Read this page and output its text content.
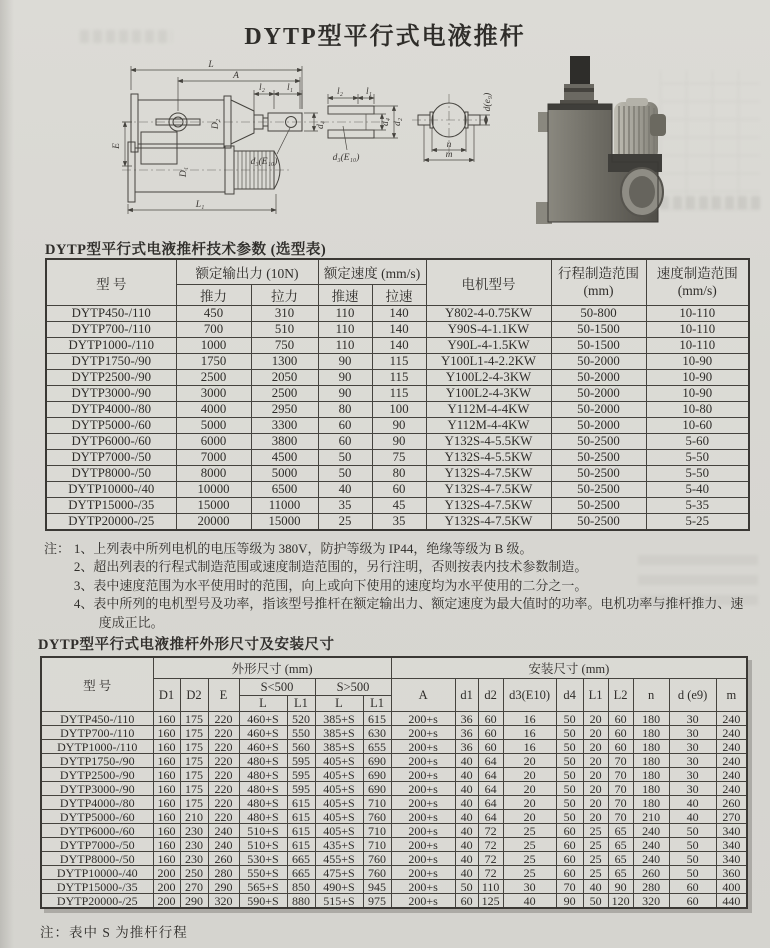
DYTP型平行式电液推杆
L
A
l₂ l₁
d₄
d₃(E₁₀)
D₂
E
D₁
L₁
l₂ l₁
d₄ d₂
d₃(E₁₀)
d(e₉)
n
m
DYTP型平行式电液推杆技术参数 (选型表)
型 号	额定输出力 (10N)	额定速度 (mm/s)	电机型号	
行程制造范围
(mm)

速度制造范围
(mm/s)

	推力	拉力	推速	拉速			
DYTP450-/110	450	310	110	140	Y802-4-0.75KW	50-800	10-110
DYTP700-/110	700	510	110	140	Y90S-4-1.1KW	50-1500	10-110
DYTP1000-/110	1000	750	110	140	Y90L-4-1.5KW	50-1500	10-110
DYTP1750-/90	1750	1300	90	115	Y100L1-4-2.2KW	50-2000	10-90
DYTP2500-/90	2500	2050	90	115	Y100L2-4-3KW	50-2000	10-90
DYTP3000-/90	3000	2500	90	115	Y100L2-4-3KW	50-2000	10-90
DYTP4000-/80	4000	2950	80	100	Y112M-4-4KW	50-2000	10-80
DYTP5000-/60	5000	3300	60	90	Y112M-4-4KW	50-2000	10-60
DYTP6000-/60	6000	3800	60	90	Y132S-4-5.5KW	50-2500	5-60
DYTP7000-/50	7000	4500	50	75	Y132S-4-5.5KW	50-2500	5-50
DYTP8000-/50	8000	5000	50	80	Y132S-4-7.5KW	50-2500	5-50
DYTP10000-/40	10000	6500	40	60	Y132S-4-7.5KW	50-2500	5-40
DYTP15000-/35	15000	11000	35	45	Y132S-4-7.5KW	50-2500	5-35
DYTP20000-/25	20000	15000	25	35	Y132S-4-7.5KW	50-2500	5-25
注： 1、上列表中所列电机的电压等级为 380V，防护等级为 IP44，绝缘等级为 B 级。
2、超出列表的行程式制造范围或速度制造范围的，另行注明，否则按表内技术参数制造。
3、表中速度范围为水平使用时的范围，向上或向下使用的速度均为水平使用的二分之一。
4、表中所列的电机型号及功率，指该型号推杆在额定输出力、额定速度为最大值时的功率。电机功率与推杆推力、速度成正比。
DYTP型平行式电液推杆外形尺寸及安装尺寸
型 号	外形尺寸 (mm)							安装尺寸 (mm)									
	D1	D2	E	S<500		S>500		A	d1	d2	d3(E10)	d4	L1	L2	n	d (e9)	m
				L	L1	L	L1										
DYTP450-/110	160	175	220	460+S	520	385+S	615	200+s	36	60	16	50	20	60	180	30	240
DYTP700-/110	160	175	220	460+S	550	385+S	630	200+s	36	60	16	50	20	60	180	30	240
DYTP1000-/110	160	175	220	460+S	560	385+S	655	200+s	36	60	16	50	20	60	180	30	240
DYTP1750-/90	160	175	220	480+S	595	405+S	690	200+s	40	64	20	50	20	70	180	30	240
DYTP2500-/90	160	175	220	480+S	595	405+S	690	200+s	40	64	20	50	20	70	180	30	240
DYTP3000-/90	160	175	220	480+S	595	405+S	690	200+s	40	64	20	50	20	70	180	30	240
DYTP4000-/80	160	175	220	480+S	615	405+S	710	200+s	40	64	20	50	20	70	180	40	260
DYTP5000-/60	160	210	220	480+S	615	405+S	760	200+s	40	64	20	50	20	70	210	40	270
DYTP6000-/60	160	230	240	510+S	615	405+S	710	200+s	40	72	25	60	25	65	240	50	340
DYTP7000-/50	160	230	240	510+S	615	435+S	710	200+s	40	72	25	60	25	65	240	50	340
DYTP8000-/50	160	230	260	530+S	665	455+S	760	200+s	40	72	25	60	25	65	240	50	340
DYTP10000-/40	200	250	280	550+S	665	475+S	760	200+s	40	72	25	60	25	65	260	50	360
DYTP15000-/35	200	270	290	565+S	850	490+S	945	200+s	50	110	30	70	40	90	280	60	400
DYTP20000-/25	200	290	320	590+S	880	515+S	975	200+s	60	125	40	90	50	120	320	60	440
注：表中 S 为推杆行程
